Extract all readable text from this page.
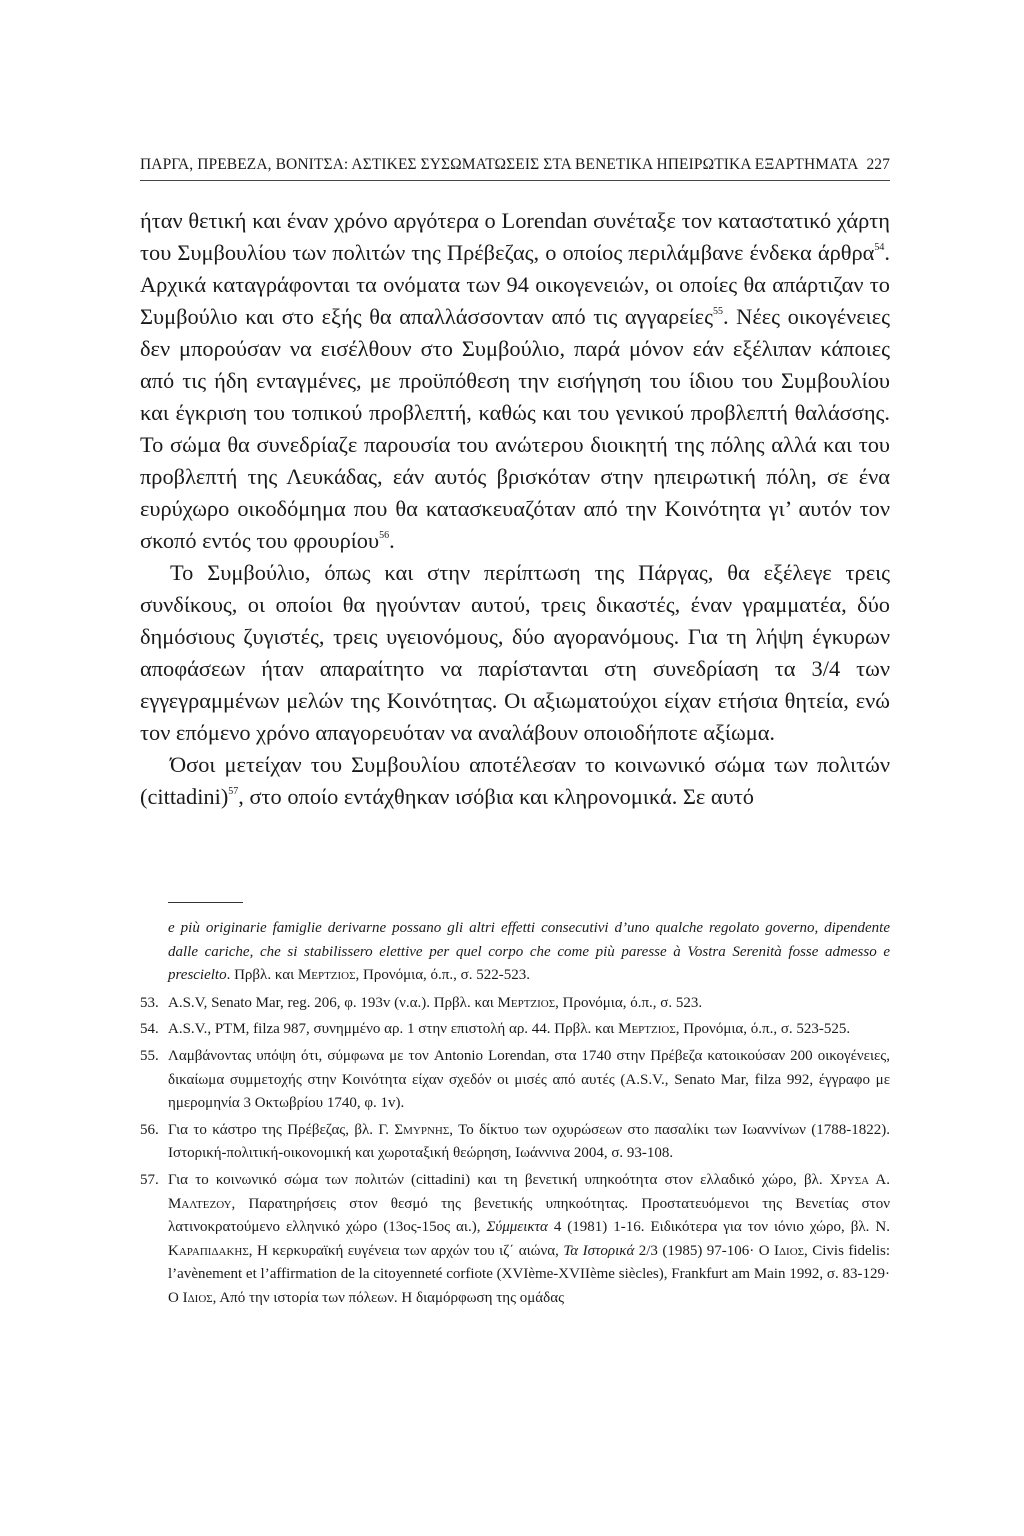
ΠΑΡΓΑ, ΠΡΕΒΕΖΑ, ΒΟΝΙΤΣΑ: ΑΣΤΙΚΕΣ ΣΥΣΩΜΑΤΩΣΕΙΣ ΣΤΑ ΒΕΝΕΤΙΚΑ ΗΠΕΙΡΩΤΙΚΑ ΕΞΑΡΤΗΜΑΤΑ 227

ήταν θετική και έναν χρόνο αργότερα ο Lorendan συνέταξε τον καταστατικό χάρτη του Συμβουλίου των πολιτών της Πρέβεζας, ο οποίος περιλάμβανε ένδεκα άρθρα$^{54}$. Αρχικά καταγράφονται τα ονόματα των 94 οικογενειών, οι οποίες θα απάρτιζαν το Συμβούλιο και στο εξής θα απαλλάσσονταν από τις αγγαρείες$^{55}$. Νέες οικογένειες δεν μπορούσαν να εισέλθουν στο Συμβούλιο, παρά μόνον εάν εξέλιπαν κάποιες από τις ήδη ενταγμένες, με προϋπόθεση την εισήγηση του ίδιου του Συμβουλίου και έγκριση του τοπικού προβλεπτή, καθώς και του γενικού προβλεπτή θαλάσσης. Το σώμα θα συνεδρίαζε παρουσία του ανώτερου διοικητή της πόλης αλλά και του προβλεπτή της Λευκάδας, εάν αυτός βρισκόταν στην ηπειρωτική πόλη, σε ένα ευρύχωρο οικοδόμημα που θα κατασκευαζόταν από την Κοινότητα γι’ αυτόν τον σκοπό εντός του φρουρίου$^{56}$.

Το Συμβούλιο, όπως και στην περίπτωση της Πάργας, θα εξέλεγε τρεις συνδίκους, οι οποίοι θα ηγούνταν αυτού, τρεις δικαστές, έναν γραμματέα, δύο δημόσιους ζυγιστές, τρεις υγειονόμους, δύο αγορανόμους. Για τη λήψη έγκυρων αποφάσεων ήταν απαραίτητο να παρίστανται στη συνεδρίαση τα 3/4 των εγγεγραμμένων μελών της Κοινότητας. Οι αξιωματούχοι είχαν ετήσια θητεία, ενώ τον επόμενο χρόνο απαγορευόταν να αναλάβουν οποιοδήποτε αξίωμα.

Όσοι μετείχαν του Συμβουλίου αποτέλεσαν το κοινωνικό σώμα των πολιτών (cittadini)$^{57}$, στο οποίο εντάχθηκαν ισόβια και κληρονομικά. Σε αυτό

e più originarie famiglie derivarne possano gli altri effetti consecutivi d’uno qualche regolato governo, dipendente dalle cariche, che si stabilissero elettive per quel corpo che come più paresse à Vostra Serenità fosse admesso e prescielto. Πρβλ. και Μερτζιος, Προνόμια, ό.π., σ. 522-523.
53. A.S.V, Senato Mar, reg. 206, φ. 193v (ν.α.). Πρβλ. και Μερτζιος, Προνόμια, ό.π., σ. 523.
54. A.S.V., PTM, filza 987, συνημμένο αρ. 1 στην επιστολή αρ. 44. Πρβλ. και Μερτζιος, Προνόμια, ό.π., σ. 523-525.
55. Λαμβάνοντας υπόψη ότι, σύμφωνα με τον Antonio Lorendan, στα 1740 στην Πρέβεζα κατοικούσαν 200 οικογένειες, δικαίωμα συμμετοχής στην Κοινότητα είχαν σχεδόν οι μισές από αυτές (A.S.V., Senato Mar, filza 992, έγγραφο με ημερομηνία 3 Οκτωβρίου 1740, φ. 1v).
56. Για το κάστρο της Πρέβεζας, βλ. Γ. Σμυρνης, Το δίκτυο των οχυρώσεων στο πασαλίκι των Ιωαννίνων (1788-1822). Ιστορική-πολιτική-οικονομική και χωροταξική θεώρηση, Ιωάννινα 2004, σ. 93-108.
57. Για το κοινωνικό σώμα των πολιτών (cittadini) και τη βενετική υπηκοότητα στον ελλαδικό χώρο, βλ. Χρυσα Α. Μαλτεζου, Παρατηρήσεις στον θεσμό της βενετικής υπηκοότητας. Προστατευόμενοι της Βενετίας στον λατινοκρατούμενο ελληνικό χώρο (13ος-15ος αι.), Σύμμεικτα 4 (1981) 1-16. Ειδικότερα για τον ιόνιο χώρο, βλ. Ν. Καραπιδακης, Η κερκυραϊκή ευγένεια των αρχών του ιζ΄ αιώνα, Τα Ιστορικά 2/3 (1985) 97-106· Ο Ιδιος, Civis fidelis: l’avènement et l’affirmation de la citoyenneté corfiote (XVIème-XVIIème siècles), Frankfurt am Main 1992, σ. 83-129· Ο Ιδιος, Από την ιστορία των πόλεων. Η διαμόρφωση της ομάδας
